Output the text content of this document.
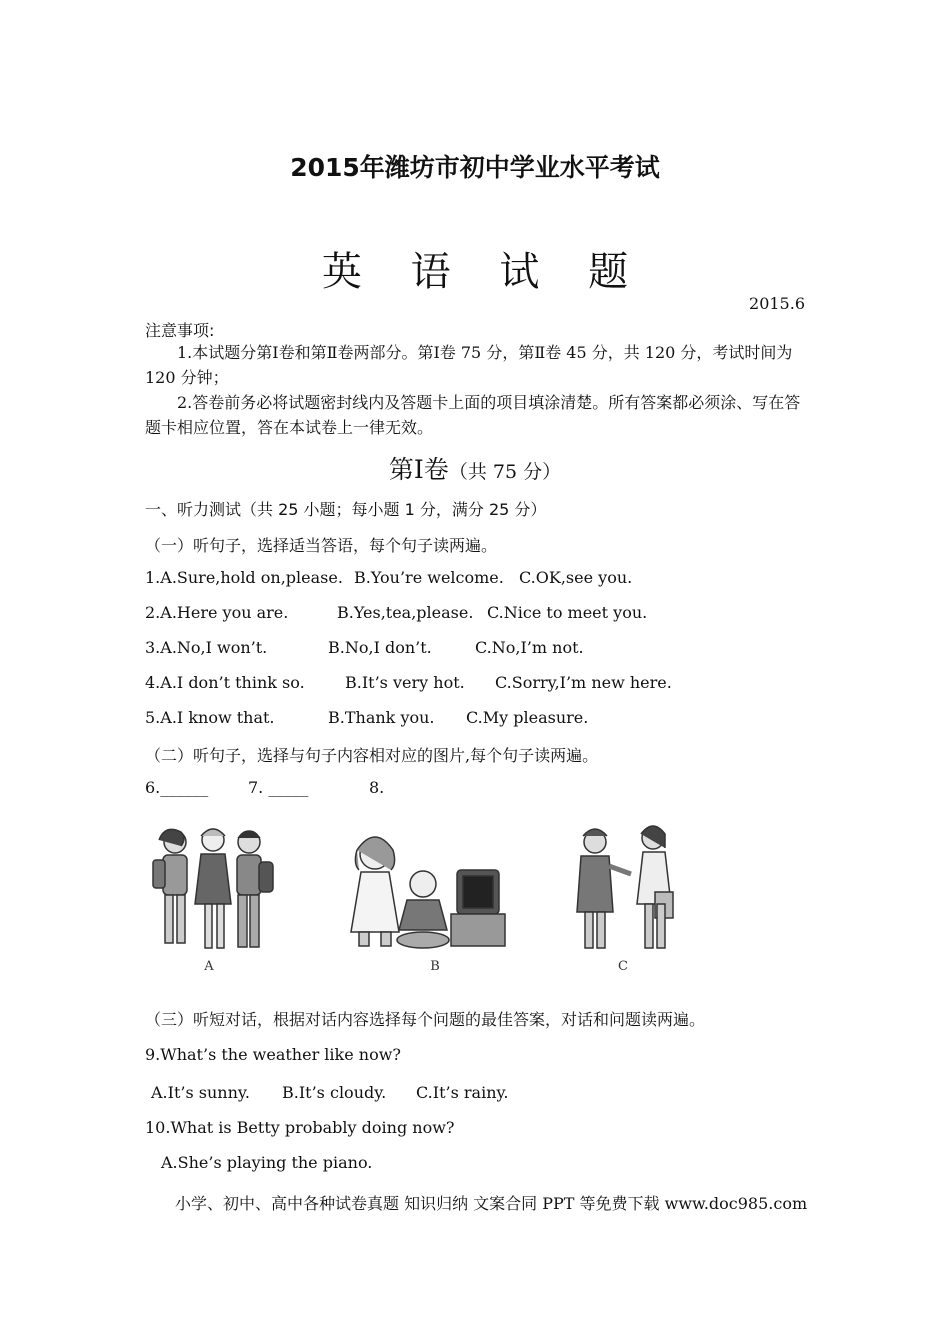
2015年潍坊市初中学业水平考试
英 语 试 题
2015.6
注意事项:
1.本试题分第Ⅰ卷和第Ⅱ卷两部分。第Ⅰ卷 75 分，第Ⅱ卷 45 分，共 120 分，考试时间为 120 分钟；
2.答卷前务必将试题密封线内及答题卡上面的项目填涂清楚。所有答案都必须涂、写在答题卡相应位置，答在本试卷上一律无效。
第Ⅰ卷（共 75 分）
一、听力测试（共 25 小题；每小题 1 分，满分 25 分）
（一）听句子，选择适当答语，每个句子读两遍。
1.A.Sure,hold on,please. B.You’re welcome. C.OK,see you.
2.A.Here you are.	B.Yes,tea,please. C.Nice to meet you.
3.A.No,I won’t.	B.No,I don’t.	C.No,I’m not.
4.A.I don’t think so.	B.It’s very hot. C.Sorry,I’m new here.
5.A.I know that.	B.Thank you. C.My pleasure.
（二）听句子，选择与句子内容相对应的图片,每个句子读两遍。
6.______ 7. _____	8.
A	B	C
（三）听短对话，根据对话内容选择每个问题的最佳答案，对话和问题读两遍。
9.What’s the weather like now?
A.It’s sunny. B.It’s cloudy. C.It’s rainy.
10.What is Betty probably doing now?
A.She’s playing the piano.
小学、初中、高中各种试卷真题 知识归纳 文案合同 PPT 等免费下载 www.doc985.com
